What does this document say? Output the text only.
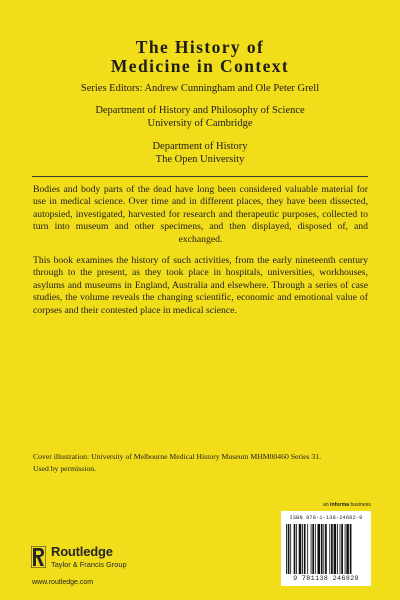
The History of
Medicine in Context
Series Editors: Andrew Cunningham and Ole Peter Grell
Department of History and Philosophy of Science
University of Cambridge
Department of History
The Open University
Bodies and body parts of the dead have long been considered valuable material for use in medical science. Over time and in different places, they have been dissected, autopsied, investigated, harvested for research and therapeutic purposes, collected to turn into museum and other specimens, and then displayed, disposed of, and exchanged.
This book examines the history of such activities, from the early nineteenth century through to the present, as they took place in hospitals, universities, workhouses, asylums and museums in England, Australia and elsewhere. Through a series of case studies, the volume reveals the changing scientific, economic and emotional value of corpses and their contested place in medical science.
Cover illustration: University of Melbourne Medical History Museum MHM00460 Series 31.
Used by permission.
an informa business
ISBN 978-1-138-24682-9
9 781138 246829
Routledge
Taylor & Francis Group
www.routledge.com
